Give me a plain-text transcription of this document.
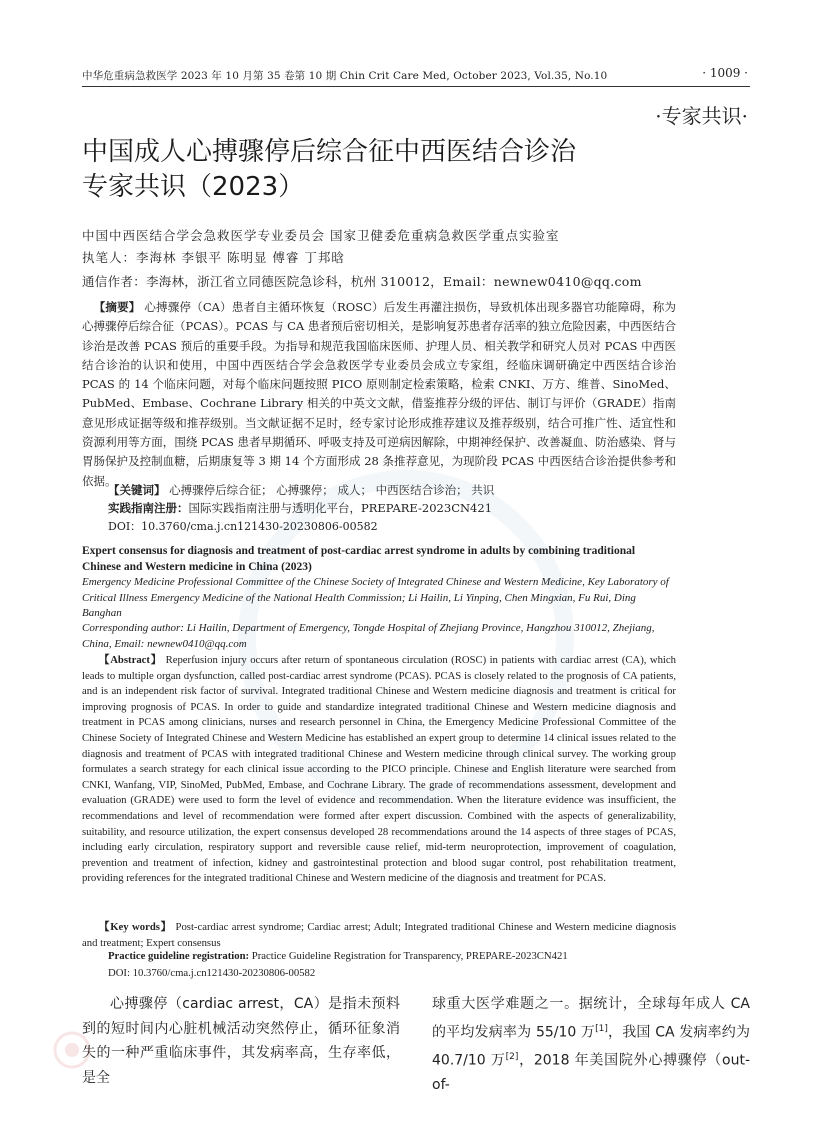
中华危重病急救医学 2023 年 10 月第 35 卷第 10 期 Chin Crit Care Med, October 2023, Vol.35, No.10	· 1009 ·
·专家共识·
中国成人心搏骤停后综合征中西医结合诊治
专家共识（2023）
中国中西医结合学会急救医学专业委员会 国家卫健委危重病急救医学重点实验室
执笔人：李海林 李银平 陈明显 傅睿 丁邦晗
通信作者：李海林，浙江省立同德医院急诊科，杭州 310012，Email：newnew0410@qq.com
 【摘要】 心搏骤停（CA）患者自主循环恢复（ROSC）后发生再灌注损伤，导致机体出现多器官功能障碍，称为心搏骤停后综合征（PCAS）。PCAS 与 CA 患者预后密切相关，是影响复苏患者存活率的独立危险因素，中西医结合诊治是改善 PCAS 预后的重要手段。为指导和规范我国临床医师、护理人员、相关教学和研究人员对 PCAS 中西医结合诊治的认识和使用，中国中西医结合学会急救医学专业委员会成立专家组，经临床调研确定中西医结合诊治 PCAS 的 14 个临床问题，对每个临床问题按照 PICO 原则制定检索策略，检索 CNKI、万方、维普、SinoMed、PubMed、Embase、Cochrane Library 相关的中英文文献，借鉴推荐分级的评估、制订与评价（GRADE）指南意见形成证据等级和推荐级别。当文献证据不足时，经专家讨论形成推荐建议及推荐级别，结合可推广性、适宜性和资源利用等方面，围绕 PCAS 患者早期循环、呼吸支持及可逆病因解除，中期神经保护、改善凝血、防治感染、肾与胃肠保护及控制血糖，后期康复等 3 期 14 个方面形成 28 条推荐意见，为现阶段 PCAS 中西医结合诊治提供参考和依据。
【关键词】 心搏骤停后综合征； 心搏骤停； 成人； 中西医结合诊治； 共识
实践指南注册：国际实践指南注册与透明化平台，PREPARE-2023CN421
DOI：10.3760/cma.j.cn121430-20230806-00582
Expert consensus for diagnosis and treatment of post-cardiac arrest syndrome in adults by combining traditional Chinese and Western medicine in China (2023)
Emergency Medicine Professional Committee of the Chinese Society of Integrated Chinese and Western Medicine, Key Laboratory of Critical Illness Emergency Medicine of the National Health Commission; Li Hailin, Li Yinping, Chen Mingxian, Fu Rui, Ding Banghan
Corresponding author: Li Hailin, Department of Emergency, Tongde Hospital of Zhejiang Province, Hangzhou 310012, Zhejiang, China, Email: newnew0410@qq.com
  【Abstract】 Reperfusion injury occurs after return of spontaneous circulation (ROSC) in patients with cardiac arrest (CA), which leads to multiple organ dysfunction, called post-cardiac arrest syndrome (PCAS). PCAS is closely related to the prognosis of CA patients, and is an independent risk factor of survival. Integrated traditional Chinese and Western medicine diagnosis and treatment is critical for improving prognosis of PCAS. In order to guide and standardize integrated traditional Chinese and Western medicine diagnosis and treatment in PCAS among clinicians, nurses and research personnel in China, the Emergency Medicine Professional Committee of the Chinese Society of Integrated Chinese and Western Medicine has established an expert group to determine 14 clinical issues related to the diagnosis and treatment of PCAS with integrated traditional Chinese and Western medicine through clinical survey. The working group formulates a search strategy for each clinical issue according to the PICO principle. Chinese and English literature were searched from CNKI, Wanfang, VIP, SinoMed, PubMed, Embase, and Cochrane Library. The grade of recommendations assessment, development and evaluation (GRADE) were used to form the level of evidence and recommendation. When the literature evidence was insufficient, the recommendations and level of recommendation were formed after expert discussion. Combined with the aspects of generalizability, suitability, and resource utilization, the expert consensus developed 28 recommendations around the 14 aspects of three stages of PCAS, including early circulation, respiratory support and reversible cause relief, mid-term neuroprotection, improvement of coagulation, prevention and treatment of infection, kidney and gastrointestinal protection and blood sugar control, post rehabilitation treatment, providing references for the integrated traditional Chinese and Western medicine of the diagnosis and treatment for PCAS.
  【Key words】 Post-cardiac arrest syndrome; Cardiac arrest; Adult; Integrated traditional Chinese and Western medicine diagnosis and treatment; Expert consensus
Practice guideline registration: Practice Guideline Registration for Transparency, PREPARE-2023CN421
DOI: 10.3760/cma.j.cn121430-20230806-00582
心搏骤停（cardiac arrest，CA）是指未预料到的短时间内心脏机械活动突然停止，循环征象消失的一种严重临床事件，其发病率高，生存率低，是全
球重大医学难题之一。据统计，全球每年成人 CA 的平均发病率为 55/10 万[1]，我国 CA 发病率约为 40.7/10 万[2]，2018 年美国院外心搏骤停（out-of-
